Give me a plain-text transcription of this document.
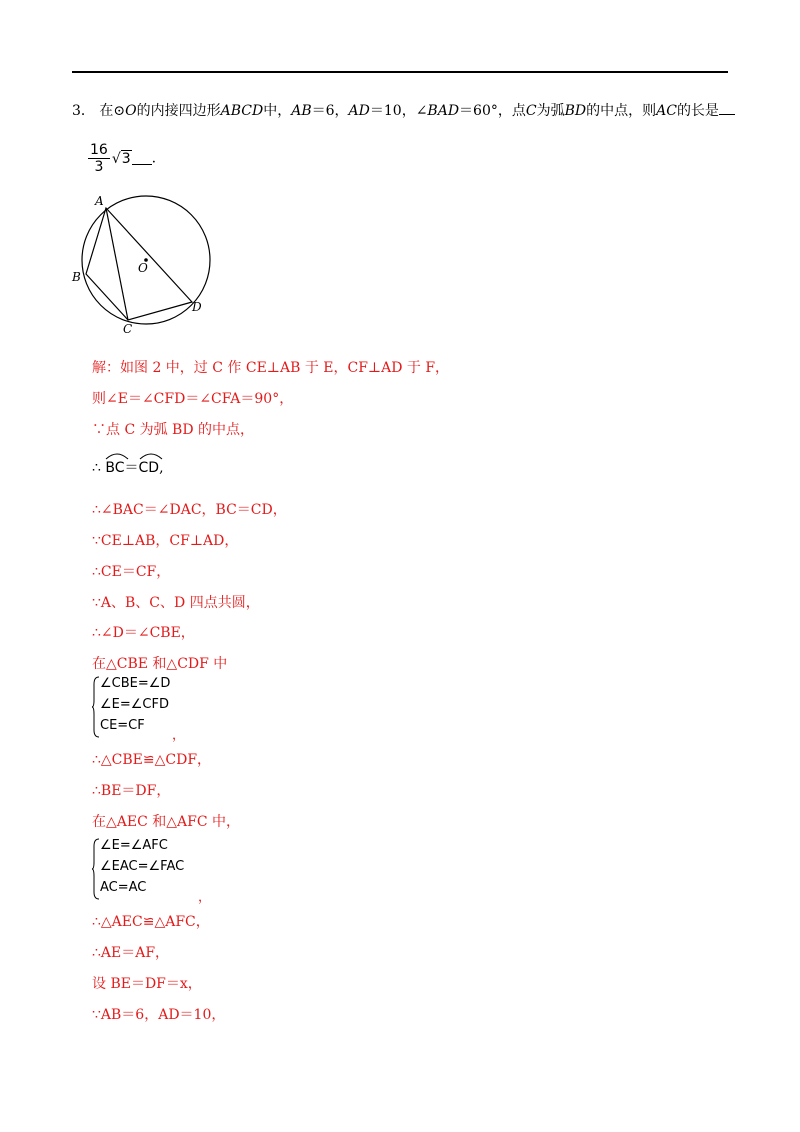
3． 在⊙O的内接四边形ABCD中，AB＝6，AD＝10，∠BAD＝60°，点C为弧BD的中点，则AC的长是
$\frac{16}{3} √3$ .
A
B
C
D
O
解：如图 2 中，过 C 作 CE⊥AB 于 E，CF⊥AD 于 F，
则∠E＝∠CFD＝∠CFA＝90°，
∵点 C 为弧 BD 的中点，
∴ BC＝
CD,
∴∠BAC＝∠DAC，BC＝CD，
∵CE⊥AB，CF⊥AD，
∴CE＝CF，
∵A、B、C、D 四点共圆，
∴∠D＝∠CBE，
在△CBE 和△CDF 中
∠CBE=∠D
∠E=∠CFD
CE=CF
，
∴△CBE≌△CDF，
∴BE＝DF，
在△AEC 和△AFC 中，
∠E=∠AFC
∠EAC=∠FAC
AC=AC
，
∴△AEC≌△AFC，
∴AE＝AF，
设 BE＝DF＝x，
∵AB＝6，AD＝10，
